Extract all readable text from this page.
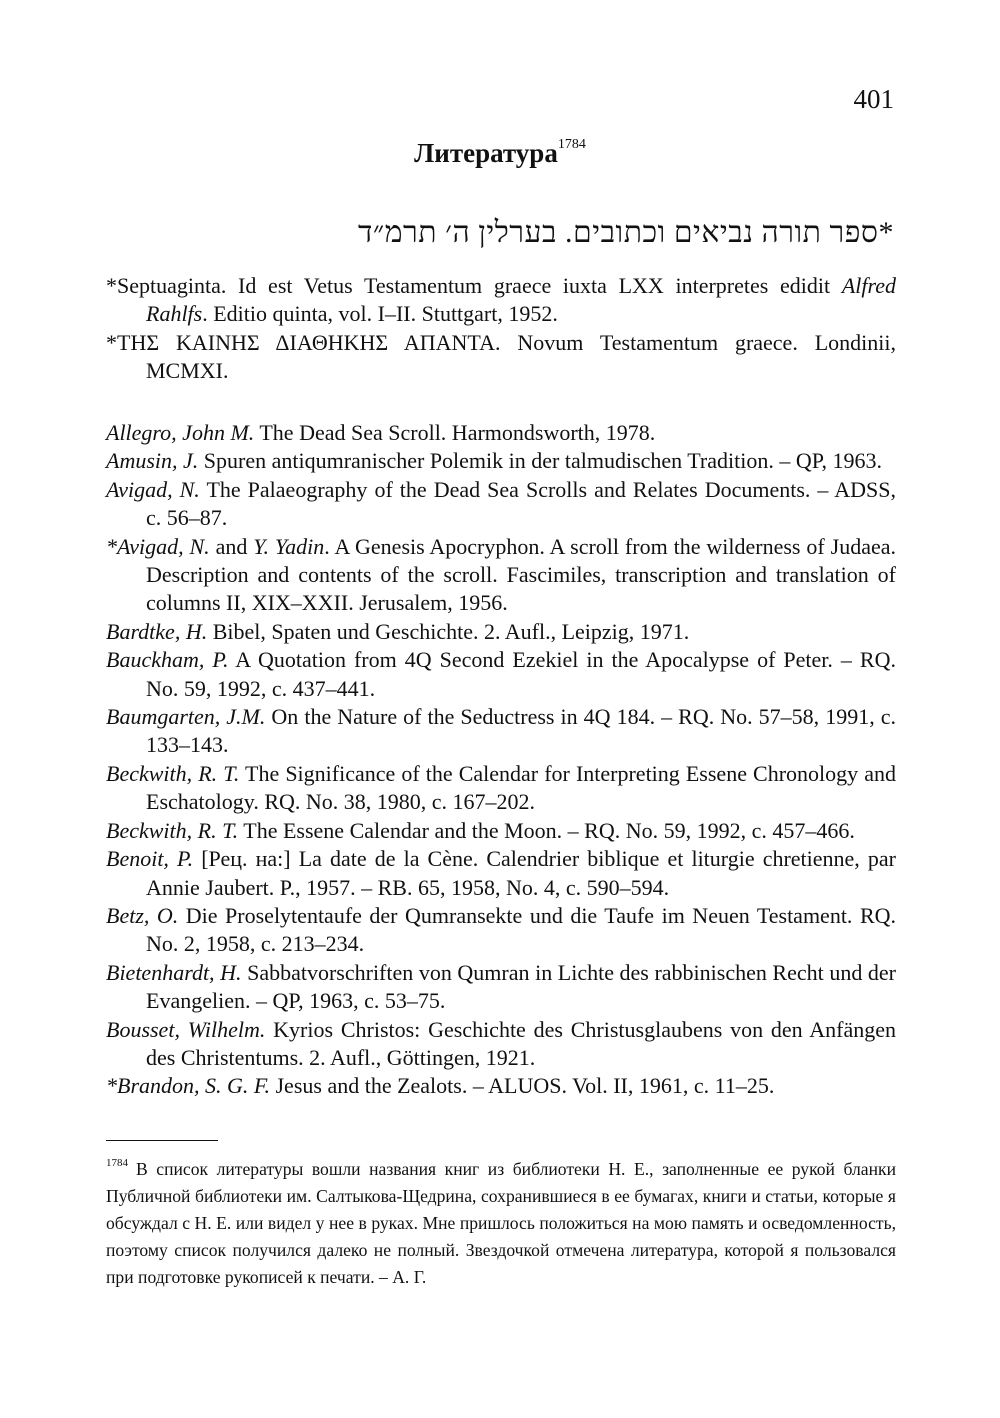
401
Литература$^{1784}$
*ספר תורה נביאים וכתובים. בערלין ה׳ תרמ״ד

*Septuaginta. Id est Vetus Testamentum graece iuxta LXX interpretes edidit Alfred Rahlfs. Editio quinta, vol. I–II. Stuttgart, 1952.

*ΤΗΣ ΚΑΙΝΗΣ ΔΙΑΘΗΚΗΣ ΑΠΑΝΤΑ. Novum Testamentum graece. Londinii, MCMXI.

Allegro, John M. The Dead Sea Scroll. Harmondsworth, 1978.

Amusin, J. Spuren antiqumranischer Polemik in der talmudischen Tradition. – QP, 1963.

Avigad, N. The Palaeography of the Dead Sea Scrolls and Relates Documents. – ADSS, c. 56–87.

*Avigad, N. and Y. Yadin. A Genesis Apocryphon. A scroll from the wilderness of Judaea. Description and contents of the scroll. Fascimiles, transcription and translation of columns II, XIX–XXII. Jerusalem, 1956.

Bardtke, H. Bibel, Spaten und Geschichte. 2. Aufl., Leipzig, 1971.

Bauckham, P. A Quotation from 4Q Second Ezekiel in the Apocalypse of Peter. – RQ. No. 59, 1992, c. 437–441.

Baumgarten, J.M. On the Nature of the Seductress in 4Q 184. – RQ. No. 57–58, 1991, c. 133–143.

Beckwith, R. T. The Significance of the Calendar for Interpreting Essene Chronology and Eschatology. RQ. No. 38, 1980, c. 167–202.

Beckwith, R. T. The Essene Calendar and the Moon. – RQ. No. 59, 1992, c. 457–466.

Benoit, P. [Рец. на:] La date de la Cène. Calendrier biblique et liturgie chretienne, par Annie Jaubert. P., 1957. – RB. 65, 1958, No. 4, c. 590–594.

Betz, O. Die Proselytentaufe der Qumransekte und die Taufe im Neuen Testament. RQ. No. 2, 1958, c. 213–234.

Bietenhardt, H. Sabbatvorschriften von Qumran in Lichte des rabbinischen Recht und der Evangelien. – QP, 1963, c. 53–75.

Bousset, Wilhelm. Kyrios Christos: Geschichte des Christusglaubens von den Anfängen des Christentums. 2. Aufl., Göttingen, 1921.

*Brandon, S. G. F. Jesus and the Zealots. – ALUOS. Vol. II, 1961, c. 11–25.

$^{1784}$ В список литературы вошли названия книг из библиотеки Н. Е., заполненные ее рукой бланки Публичной библиотеки им. Салтыкова-Щедрина, сохранившиеся в ее бумагах, книги и статьи, которые я обсуждал с Н. Е. или видел у нее в руках. Мне пришлось положиться на мою память и осведомленность, поэтому список получился далеко не полный. Звездочкой отмечена литература, которой я пользовался при подготовке рукописей к печати. – А. Г.
